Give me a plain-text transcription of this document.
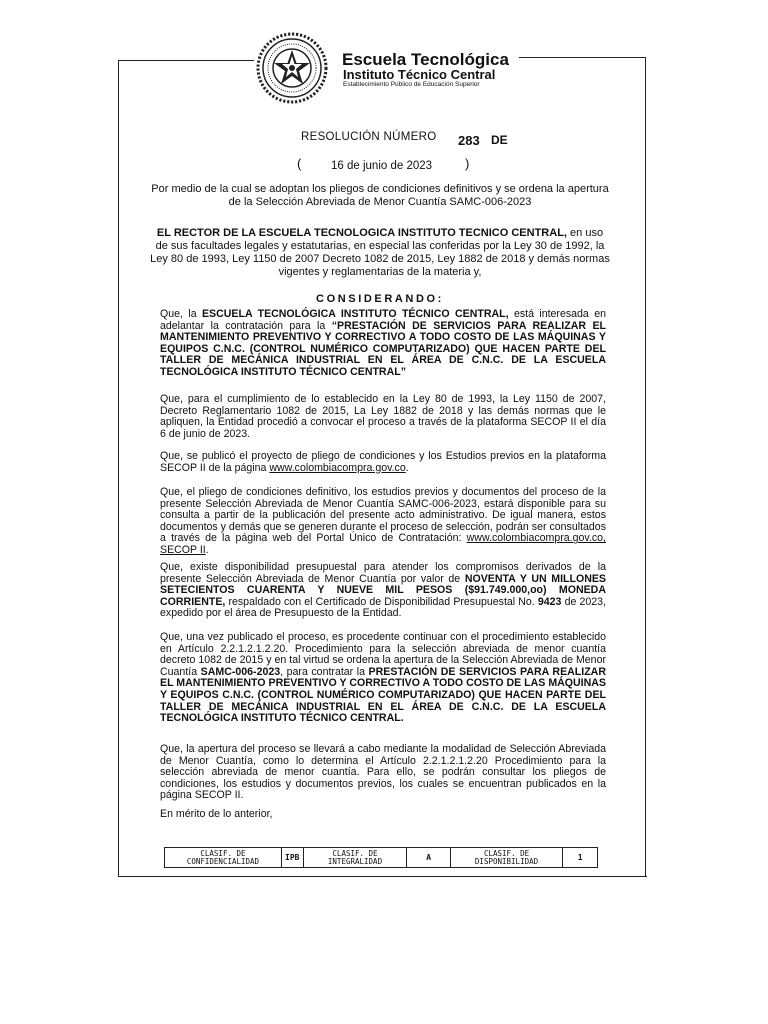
Escuela Tecnológica
Instituto Técnico Central
Establecimiento Público de Educación Superior
RESOLUCIÓN NÚMERO 283 DE
(	16 de junio de 2023	)
Por medio de la cual se adoptan los pliegos de condiciones definitivos y se ordena la apertura de la Selección Abreviada de Menor Cuantía SAMC-006-2023
EL RECTOR DE LA ESCUELA TECNOLOGICA INSTITUTO TECNICO CENTRAL, en uso de sus facultades legales y estatutarias, en especial las conferidas por la Ley 30 de 1992, la Ley 80 de 1993, Ley 1150 de 2007 Decreto 1082 de 2015, Ley 1882 de 2018 y demás normas vigentes y reglamentarias de la materia y,
CONSIDERANDO:
Que, la ESCUELA TECNOLÓGICA INSTITUTO TÉCNICO CENTRAL, está interesada en adelantar la contratación para la “PRESTACIÓN DE SERVICIOS PARA REALIZAR EL MANTENIMIENTO PREVENTIVO Y CORRECTIVO A TODO COSTO DE LAS MÁQUINAS Y EQUIPOS C.N.C. (CONTROL NUMÉRICO COMPUTARIZADO) QUE HACEN PARTE DEL TALLER DE MECÁNICA INDUSTRIAL EN EL ÁREA DE C.N.C. DE LA ESCUELA TECNOLÓGICA INSTITUTO TÉCNICO CENTRAL”
Que, para el cumplimiento de lo establecido en la Ley 80 de 1993, la Ley 1150 de 2007, Decreto Reglamentario 1082 de 2015, La Ley 1882 de 2018 y las demás normas que le apliquen, la Entidad procedió a convocar el proceso a través de la plataforma SECOP II el día 6 de junio de 2023.
Que, se publicó el proyecto de pliego de condiciones y los Estudios previos en la plataforma SECOP II de la página www.colombiacompra.gov.co.
Que, el pliego de condiciones definitivo, los estudios previos y documentos del proceso de la presente Selección Abreviada de Menor Cuantía SAMC-006-2023, estará disponible para su consulta a partir de la publicación del presente acto administrativo. De igual manera, estos documentos y demás que se generen durante el proceso de selección, podrán ser consultados a través de la página web del Portal Único de Contratación: www.colombiacompra.gov.co, SECOP II.
Que, existe disponibilidad presupuestal para atender los compromisos derivados de la presente Selección Abreviada de Menor Cuantía por valor de NOVENTA Y UN MILLONES SETECIENTOS CUARENTA Y NUEVE MIL PESOS ($91.749.000,oo) MONEDA CORRIENTE, respaldado con el Certificado de Disponibilidad Presupuestal No. 9423 de 2023, expedido por el área de Presupuesto de la Entidad.
Que, una vez publicado el proceso, es procedente continuar con el procedimiento establecido en Artículo 2.2.1.2.1.2.20. Procedimiento para la selección abreviada de menor cuantía decreto 1082 de 2015 y en tal virtud se ordena la apertura de la Selección Abreviada de Menor Cuantía SAMC-006-2023, para contratar la PRESTACIÓN DE SERVICIOS PARA REALIZAR EL MANTENIMIENTO PREVENTIVO Y CORRECTIVO A TODO COSTO DE LAS MÁQUINAS Y EQUIPOS C.N.C. (CONTROL NUMÉRICO COMPUTARIZADO) QUE HACEN PARTE DEL TALLER DE MECÁNICA INDUSTRIAL EN EL ÁREA DE C.N.C. DE LA ESCUELA TECNOLÓGICA INSTITUTO TÉCNICO CENTRAL.
Que, la apertura del proceso se llevará a cabo mediante la modalidad de Selección Abreviada de Menor Cuantía, como lo determina el Artículo 2.2.1.2.1.2.20 Procedimiento para la selección abreviada de menor cuantía. Para ello, se podrán consultar los pliegos de condiciones, los estudios y documentos previos, los cuales se encuentran publicados en la página SECOP II.
En mérito de lo anterior,
CLASIF. DE CONFIDENCIALIDAD	IPB	CLASIF. DE INTEGRALIDAD	A	CLASIF. DE DISPONIBILIDAD	1
